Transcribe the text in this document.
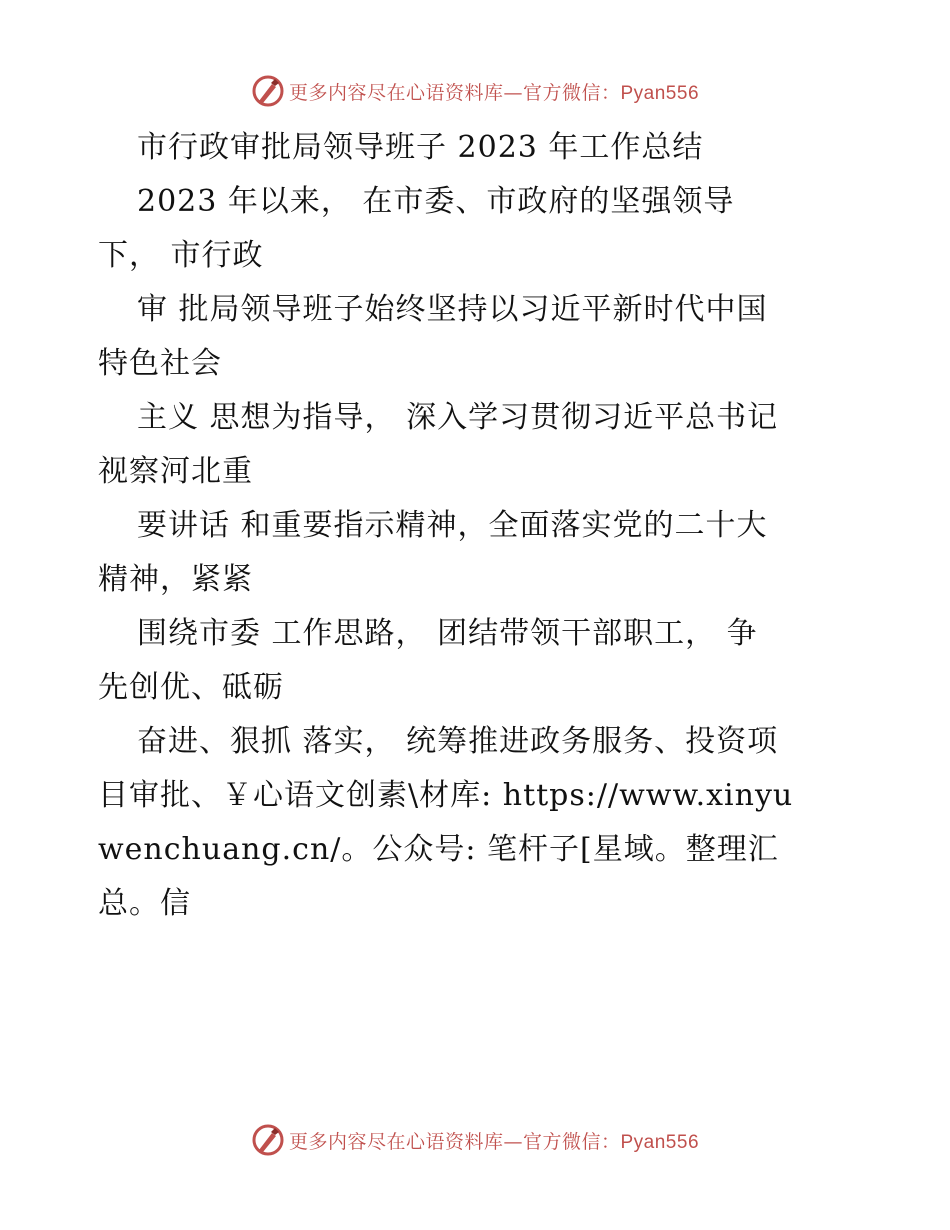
更多内容尽在心语资料库—官方微信：Pyan556
市行政审批局领导班子 2023 年工作总结
2023 年以来， 在市委、市政府的坚强领导
下， 市行政
审 批局领导班子始终坚持以习近平新时代中国
特色社会
主义 思想为指导， 深入学习贯彻习近平总书记
视察河北重
要讲话 和重要指示精神，全面落实党的二十大
精神，紧紧
围绕市委 工作思路， 团结带领干部职工， 争
先创优、砥砺
奋进、狠抓 落实， 统筹推进政务服务、投资项
目审批、￥心语文创素\材库: https://www.xinyu
wenchuang.cn/。公众号: 笔杆子[星域。整理汇
总。信
更多内容尽在心语资料库—官方微信：Pyan556
